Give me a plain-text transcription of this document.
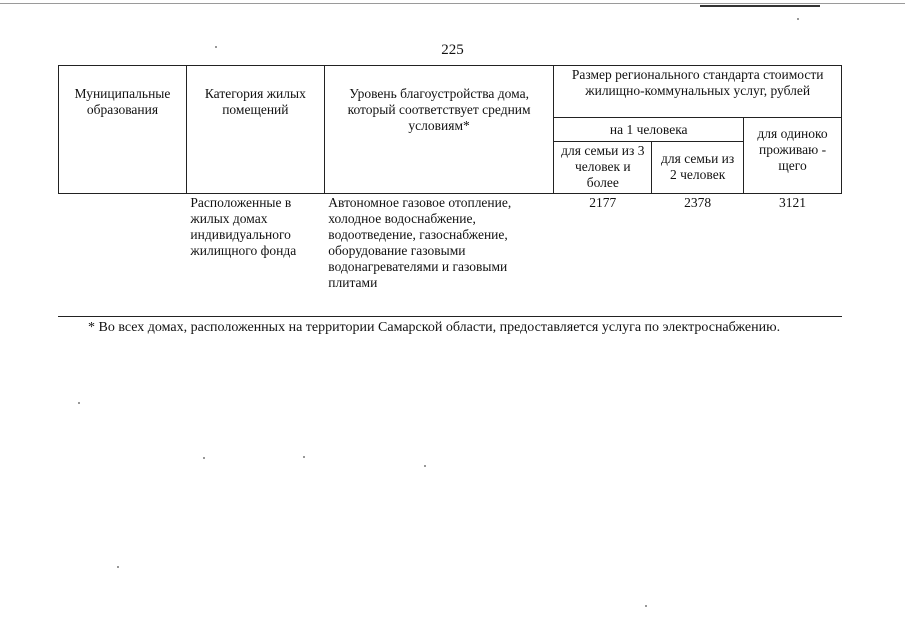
225
Муниципальные образования	Категория жилых помещений	Уровень благоустройства дома, который соответствует средним условиям*	Размер регионального стандарта стоимости жилищно-коммунальных услуг, рублей		
			на 1 человека		для одиноко проживаю - щего
			для семьи из 3 человек и более	для семьи из 2 человек	
	Расположенные в жилых домах индивидуального жилищного фонда	Автономное газовое отопление, холодное водоснабжение, водоотведение, газоснабжение, оборудование газовыми водонагревателями и газовыми плитами	2177	2378	3121
* Во всех домах, расположенных на территории Самарской области, предоставляется услуга по электроснабжению.
